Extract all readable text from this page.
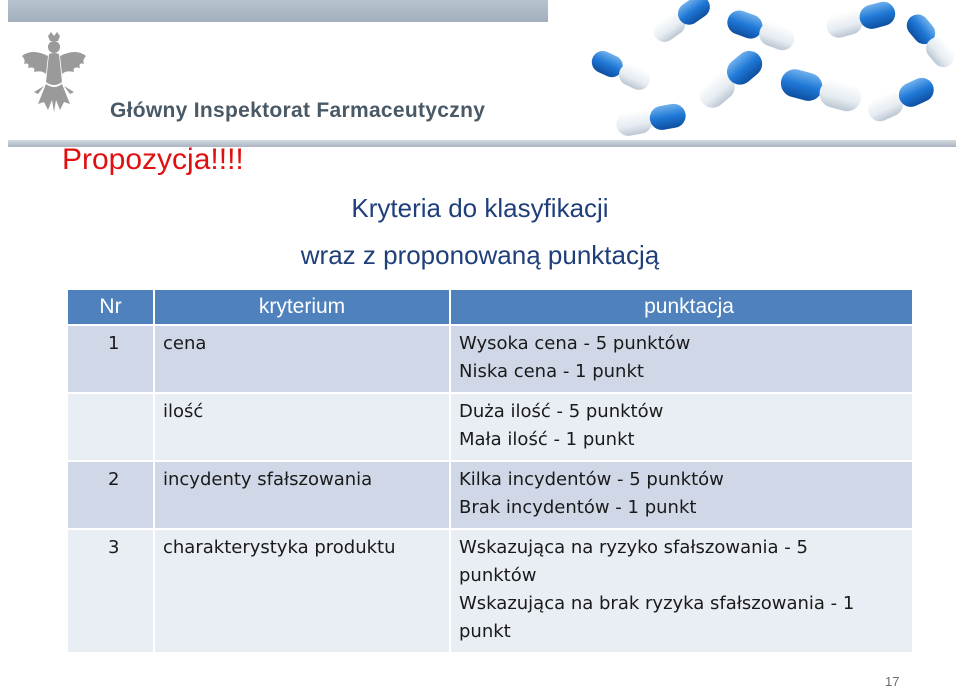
Główny Inspektorat Farmaceutyczny
Propozycja!!!!
Kryteria do klasyfikacji
wraz z proponowaną punktacją
Nr	kryterium	punktacja
1	cena	Wysoka cena - 5 punktów
Niska cena - 1 punkt

	ilość	Duża ilość - 5 punktów
Mała ilość - 1 punkt

2	incydenty sfałszowania	Kilka incydentów - 5 punktów
Brak incydentów - 1 punkt

3	charakterystyka produktu	Wskazująca na ryzyko sfałszowania - 5
punktów
Wskazująca na brak ryzyka sfałszowania - 1
punkt
17
